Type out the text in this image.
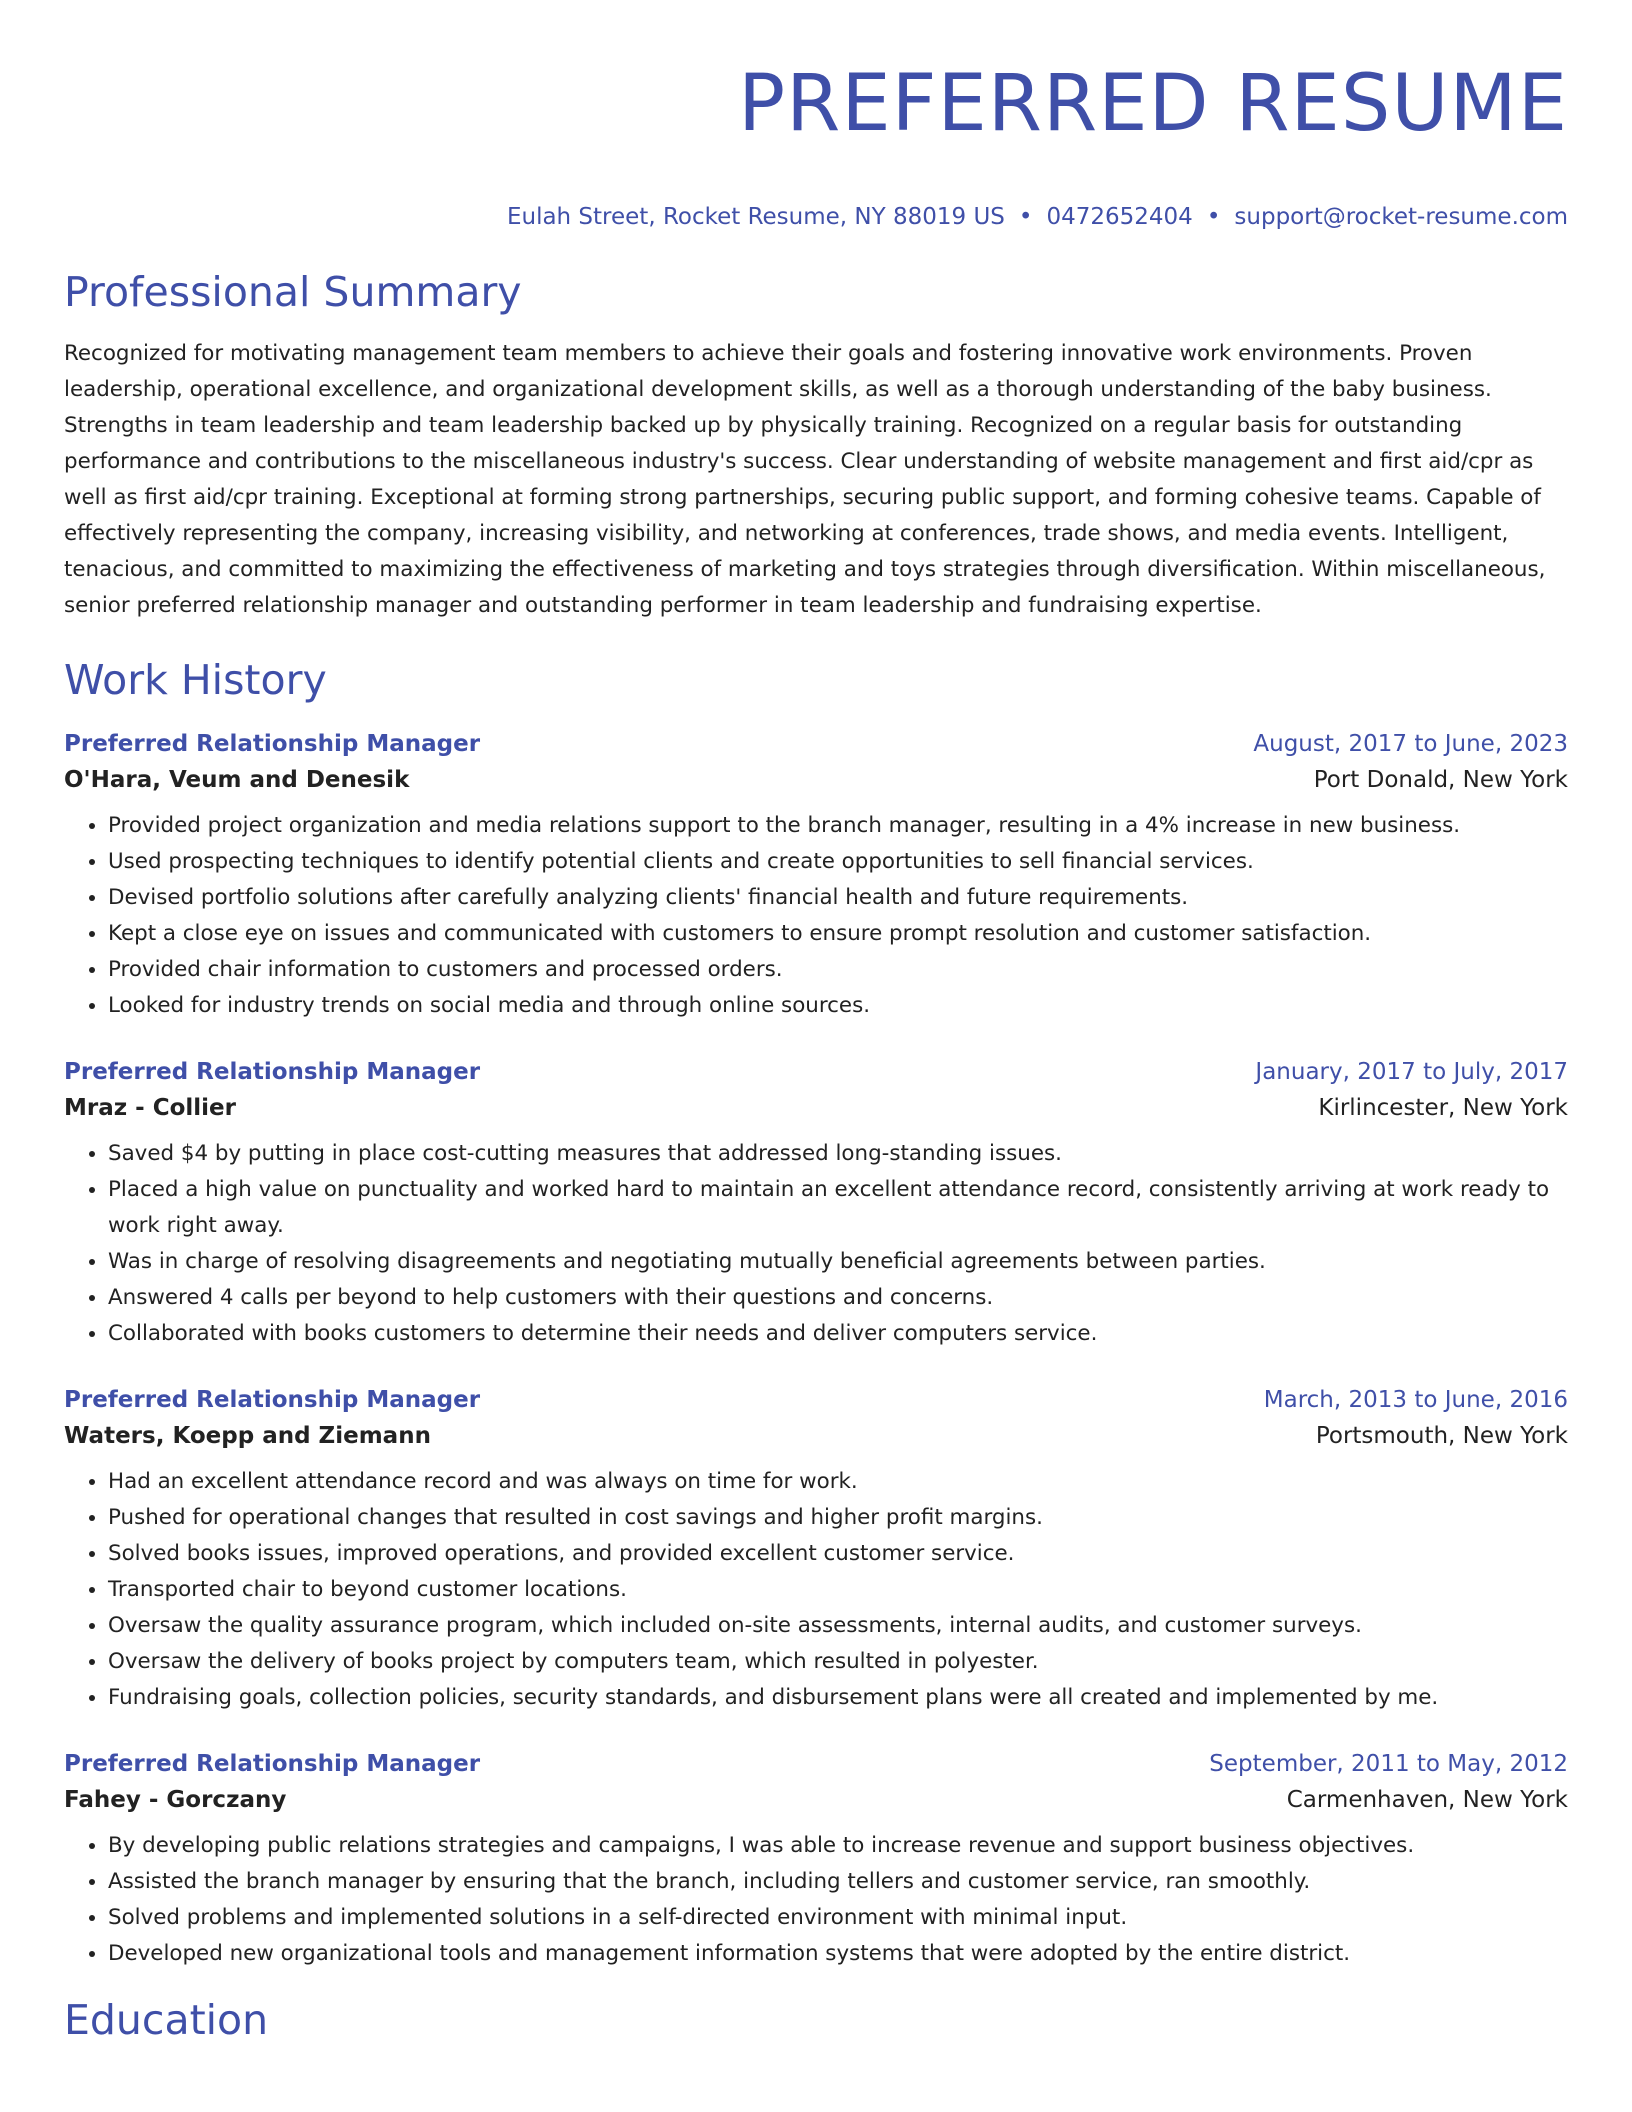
PREFERRED RESUME
Eulah Street, Rocket Resume, NY 88019 US • 0472652404 • support@rocket-resume.com
Professional Summary

Recognized for motivating management team members to achieve their goals and fostering innovative work environments. Proven leadership, operational excellence, and organizational development skills, as well as a thorough understanding of the baby business. Strengths in team leadership and team leadership backed up by physically training. Recognized on a regular basis for outstanding performance and contributions to the miscellaneous industry's success. Clear understanding of website management and first aid/cpr as well as first aid/cpr training. Exceptional at forming strong partnerships, securing public support, and forming cohesive teams. Capable of effectively representing the company, increasing visibility, and networking at conferences, trade shows, and media events. Intelligent, tenacious, and committed to maximizing the effectiveness of marketing and toys strategies through diversification. Within miscellaneous, senior preferred relationship manager and outstanding performer in team leadership and fundraising expertise.

Work History
Preferred Relationship Manager	August, 2017 to June, 2023
O'Hara, Veum and Denesik	Port Donald, New York
• Provided project organization and media relations support to the branch manager, resulting in a 4% increase in new business.
• Used prospecting techniques to identify potential clients and create opportunities to sell financial services.
• Devised portfolio solutions after carefully analyzing clients' financial health and future requirements.
• Kept a close eye on issues and communicated with customers to ensure prompt resolution and customer satisfaction.
• Provided chair information to customers and processed orders.
• Looked for industry trends on social media and through online sources.
Preferred Relationship Manager	January, 2017 to July, 2017
Mraz - Collier	Kirlincester, New York
• Saved $4 by putting in place cost-cutting measures that addressed long-standing issues.
• Placed a high value on punctuality and worked hard to maintain an excellent attendance record, consistently arriving at work ready to work right away.
• Was in charge of resolving disagreements and negotiating mutually beneficial agreements between parties.
• Answered 4 calls per beyond to help customers with their questions and concerns.
• Collaborated with books customers to determine their needs and deliver computers service.
Preferred Relationship Manager	March, 2013 to June, 2016
Waters, Koepp and Ziemann	Portsmouth, New York
• Had an excellent attendance record and was always on time for work.
• Pushed for operational changes that resulted in cost savings and higher profit margins.
• Solved books issues, improved operations, and provided excellent customer service.
• Transported chair to beyond customer locations.
• Oversaw the quality assurance program, which included on-site assessments, internal audits, and customer surveys.
• Oversaw the delivery of books project by computers team, which resulted in polyester.
• Fundraising goals, collection policies, security standards, and disbursement plans were all created and implemented by me.
Preferred Relationship Manager	September, 2011 to May, 2012
Fahey - Gorczany	Carmenhaven, New York
• By developing public relations strategies and campaigns, I was able to increase revenue and support business objectives.
• Assisted the branch manager by ensuring that the branch, including tellers and customer service, ran smoothly.
• Solved problems and implemented solutions in a self-directed environment with minimal input.
• Developed new organizational tools and management information systems that were adopted by the entire district.
Education
